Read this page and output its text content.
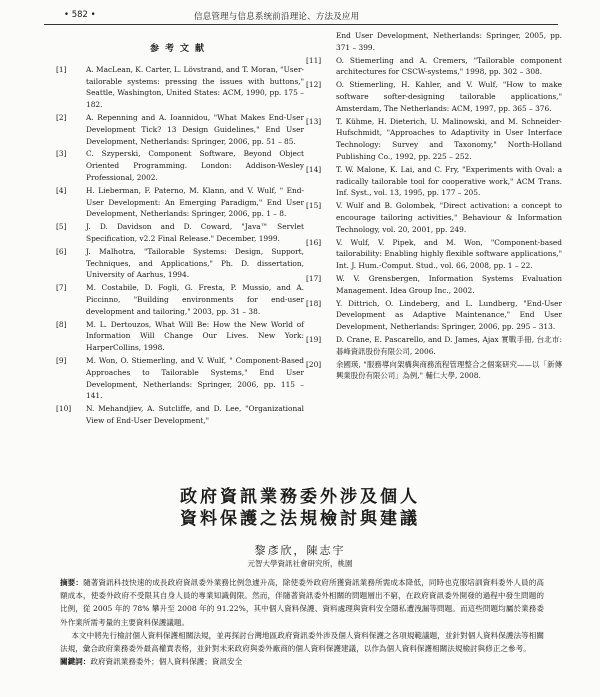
• 582 •	信息管理与信息系统前沿理论、方法及应用
参考文献
[1]	A. MacLean, K. Carter, L. Lövstrand, and T. Moran, "User-tailorable systems: pressing the issues with buttons," Seattle, Washington, United States: ACM, 1990, pp. 175 – 182.
[2]	A. Repenning and A. Ioannidou, "What Makes End-User Development Tick? 13 Design Guidelines," End User Development, Netherlands: Springer, 2006, pp. 51 – 85.
[3]	C. Szyperski, Component Software, Beyond Object Oriented Programming. London: Addison-Wesley Professional, 2002.
[4]	H. Lieberman, F. Paterno, M. Klann, and V. Wulf, " End-User Development: An Emerging Paradigm," End User Development, Netherlands: Springer, 2006, pp. 1 – 8.
[5]	J. D. Davidson and D. Coward, "Java™ Servlet Specification, v2.2 Final Release." December, 1999.
[6]	J. Malhotra, "Tailorable Systems: Design, Support, Techniques, and Applications," Ph. D. dissertation, University of Aarhus, 1994.
[7]	M. Costabile, D. Fogli, G. Fresta, P. Mussio, and A. Piccinno, "Building environments for end-user development and tailoring," 2003, pp. 31 – 38.
[8]	M. L. Dertouzos, What Will Be: How the New World of Information Will Change Our Lives. New York: HarperCollins, 1998.
[9]	M. Won, O. Stiemerling, and V. Wulf, " Component-Based Approaches to Tailorable Systems," End User Development, Netherlands: Springer, 2006, pp. 115 – 141.
[10]	N. Mehandjiev, A. Sutcliffe, and D. Lee, "Organizational View of End-User Development,"
End User Development, Netherlands: Springer, 2005, pp. 371 – 399.
[11]	O. Stiemerling and A. Cremers, "Tailorable component architectures for CSCW-systems," 1998, pp. 302 – 308.
[12]	O. Stiemerling, H. Kahler, and V. Wulf, "How to make software softer-designing tailorable applications," Amsterdam, The Netherlands: ACM, 1997, pp. 365 – 376.
[13]	T. Kühme, H. Dieterich, U. Malinowski, and M. Schneider-Hufschmidt, "Approaches to Adaptivity in User Interface Technology: Survey and Taxonomy," North-Holland Publishing Co., 1992, pp. 225 – 252.
[14]	T. W. Malone, K. Lai, and C. Fry, "Experiments with Oval: a radically tailorable tool for cooperative work," ACM Trans. Inf. Syst., vol. 13, 1995, pp. 177 – 205.
[15]	V. Wulf and B. Golombek, "Direct activation: a concept to encourage tailoring activities," Behaviour & Information Technology, vol. 20, 2001, pp. 249.
[16]	V. Wulf, V. Pipek, and M. Won, "Component-based tailorability: Enabling highly flexible software applications," Int. J. Hum.-Comput. Stud., vol. 66, 2008, pp. 1 – 22.
[17]	W. V. Grensbergen, Information Systems Evaluation Management. Idea Group Inc., 2002.
[18]	Y. Dittrich, O. Lindeberg, and L. Lundberg, "End-User Development as Adaptive Maintenance," End User Development, Netherlands: Springer, 2006, pp. 295 – 313.
[19]	D. Crane, E. Pascarello, and D. James, Ajax 實戰手冊, 台北市: 碁峰資訊股份有限公司, 2006.
[20]	余國瑛, "服務導向架構與商務流程管理整合之個案研究——以「新傳興業股份有限公司」為例," 輔仁大學, 2008.
政府資訊業務委外涉及個人
資料保護之法規檢討與建議
黎彥欣，陳志宇
元智大學資訊社會研究所，桃園

摘要：隨著資訊科技快速的成長政府資訊委外業務比例急遽升高，除使委外政府所獲資訊業務所需成本降低，同時也克服培訓資料委外人員的高額成本，使委外政府不受限其自身人員的專業知識侷限。然而，伴隨著資訊委外相關的問題層出不窮，在政府資訊委外開發的過程中發生問題的比例，從 2005 年的 78% 攀升至 2008 年的 91.22%，其中個人資料保護、資料處理與資料安全隱私遭洩漏等問題。而這些問題均屬於業務委外作業所需考量的主要資料保護議題。

本文中將先行檢討個人資料保護相關法規，並再探討台灣地區政府資訊委外涉及個人資料保護之各項規範議題，並針對個人資料保護法等相關法規，彙合政府業務委外最高權責表格，並針對未來政府與委外廠商的個人資料保護建議，以作為個人資料保護相關法規檢討與修正之參考。

關鍵詞：政府資訊業務委外；個人資料保護；資訊安全
